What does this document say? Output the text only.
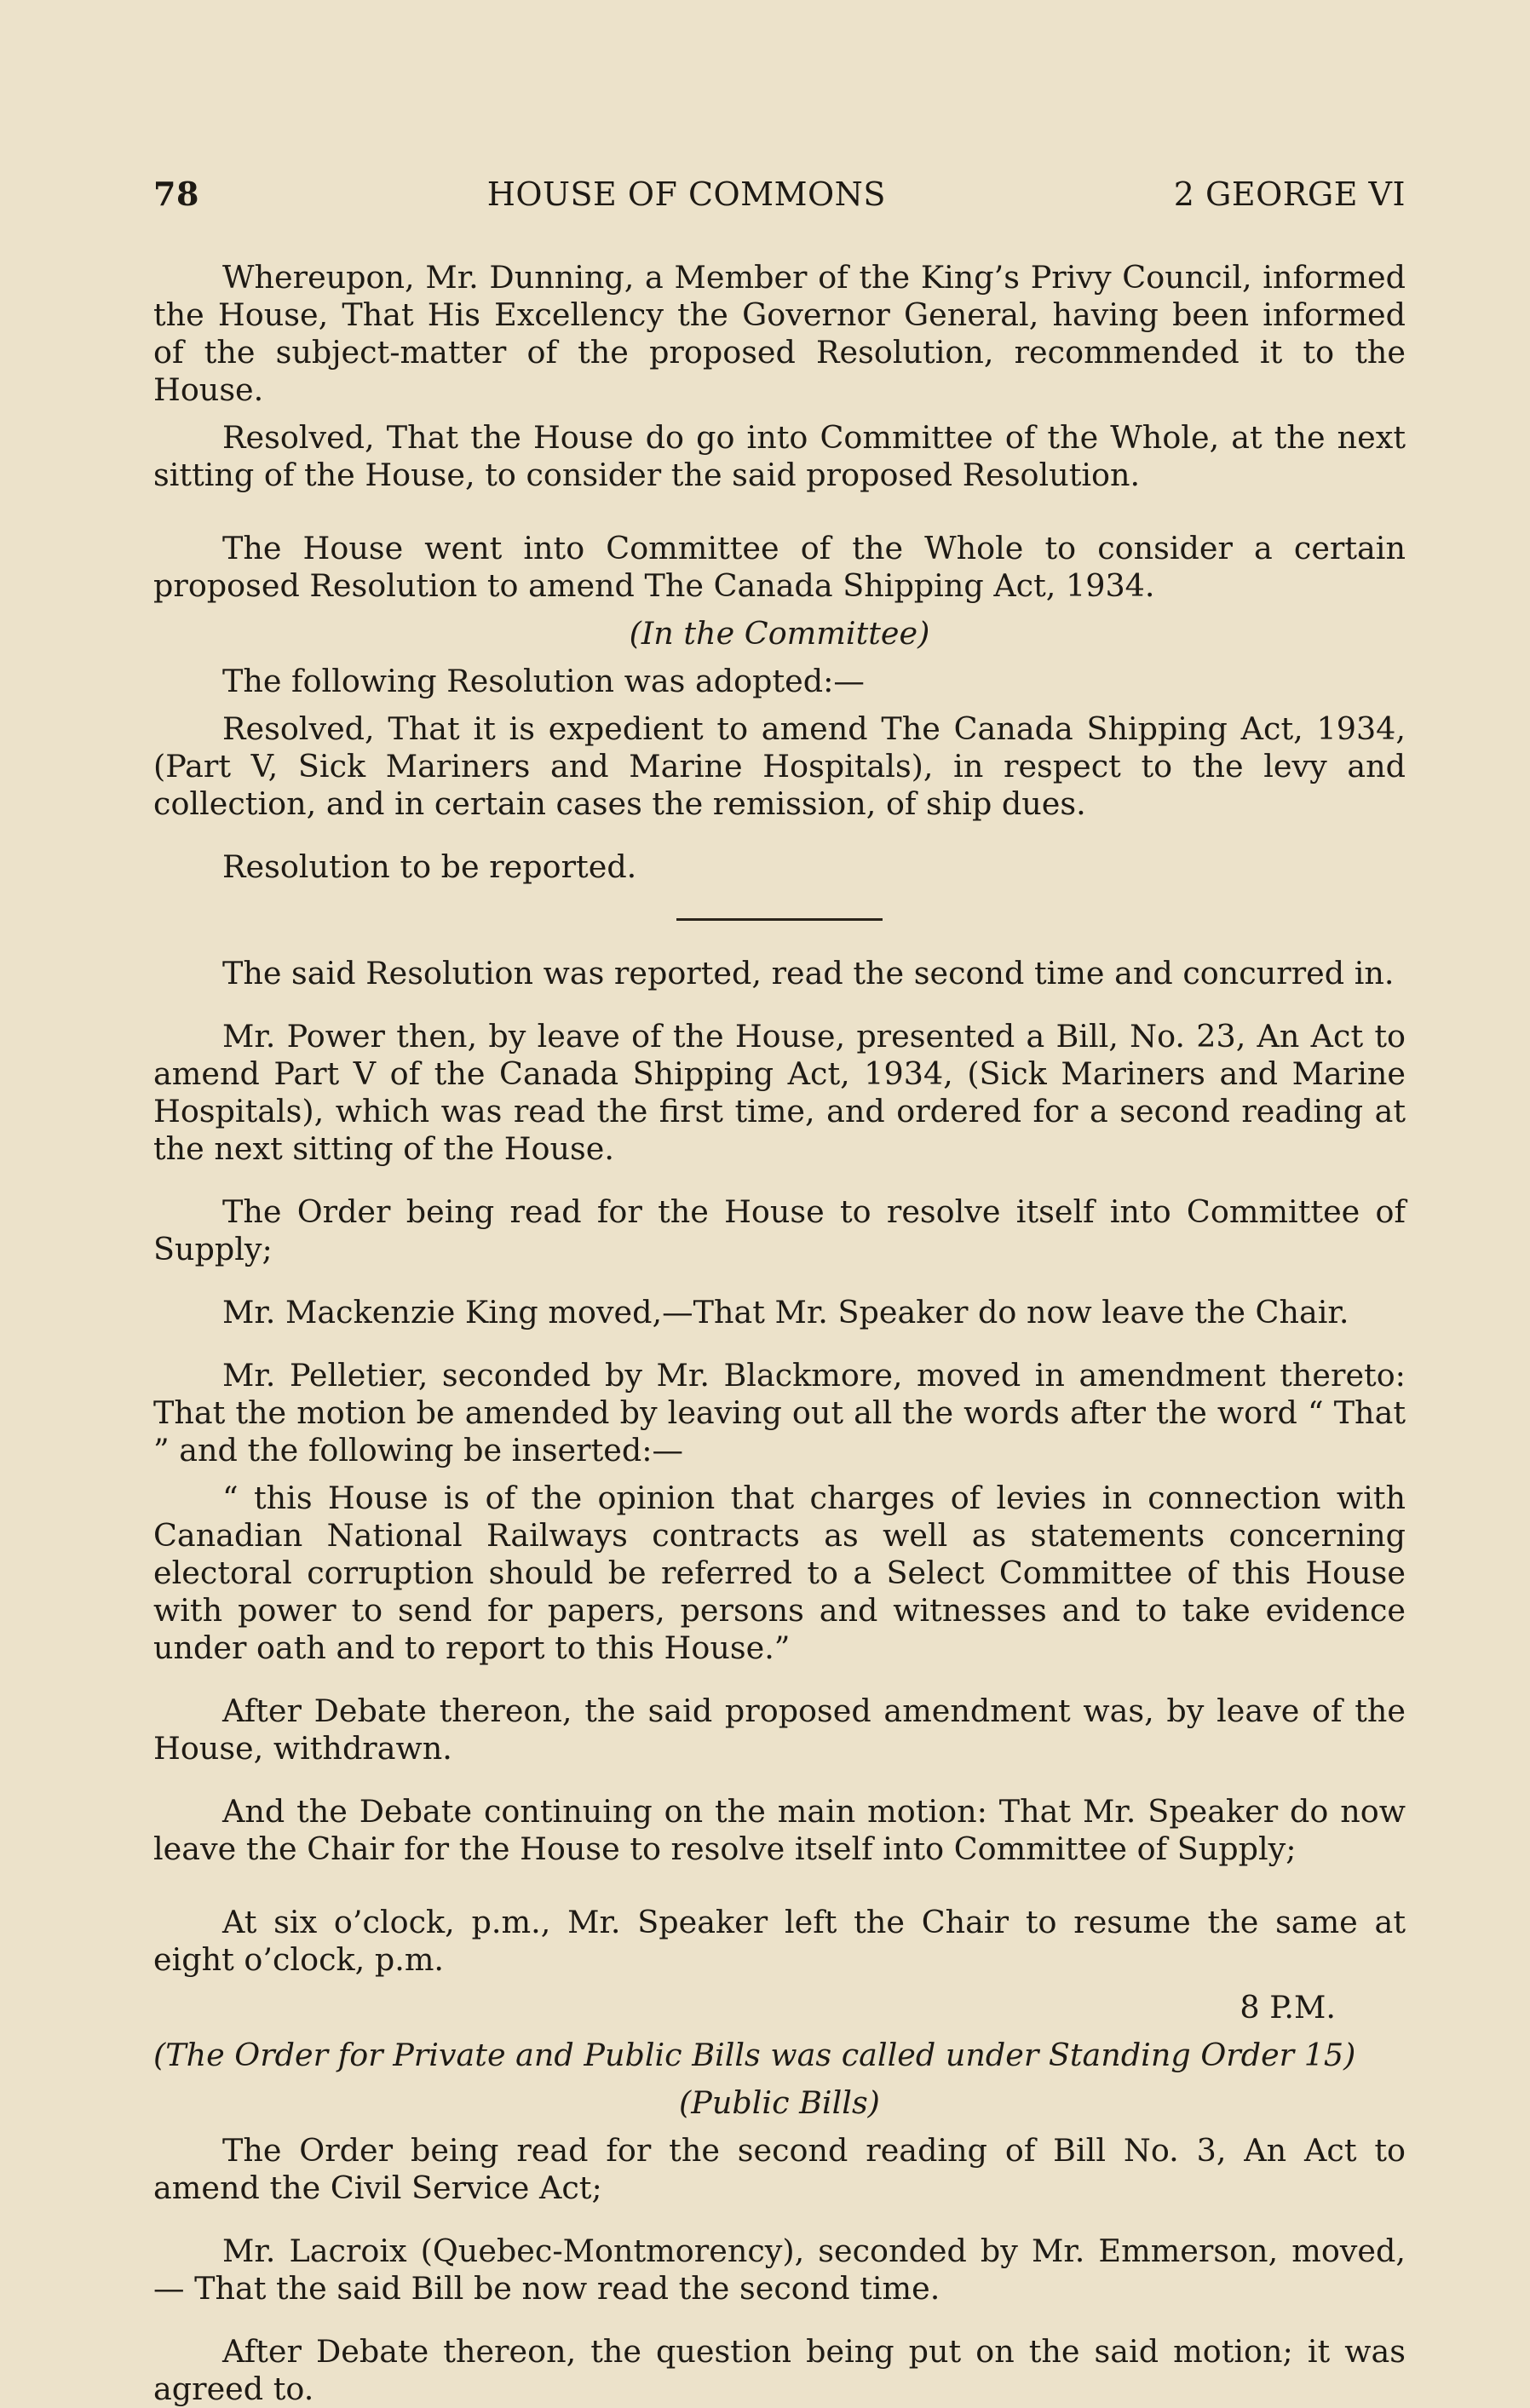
78	HOUSE OF COMMONS	2 GEORGE VI

Whereupon, Mr. Dunning, a Member of the King’s Privy Council, informed the House, That His Excellency the Governor General, having been informed of the subject-matter of the proposed Resolution, recommended it to the House.

Resolved, That the House do go into Committee of the Whole, at the next sitting of the House, to consider the said proposed Resolution.

The House went into Committee of the Whole to consider a certain proposed Resolution to amend The Canada Shipping Act, 1934.

(In the Committee)

The following Resolution was adopted:—

Resolved, That it is expedient to amend The Canada Shipping Act, 1934, (Part V, Sick Mariners and Marine Hospitals), in respect to the levy and collection, and in certain cases the remission, of ship dues.

Resolution to be reported.

The said Resolution was reported, read the second time and concurred in.

Mr. Power then, by leave of the House, presented a Bill, No. 23, An Act to amend Part V of the Canada Shipping Act, 1934, (Sick Mariners and Marine Hospitals), which was read the first time, and ordered for a second reading at the next sitting of the House.

The Order being read for the House to resolve itself into Committee of Supply;

Mr. Mackenzie King moved,—That Mr. Speaker do now leave the Chair.

Mr. Pelletier, seconded by Mr. Blackmore, moved in amendment thereto: That the motion be amended by leaving out all the words after the word “ That ” and the following be inserted:—

“ this House is of the opinion that charges of levies in connection with Canadian National Railways contracts as well as statements concerning electoral corruption should be referred to a Select Committee of this House with power to send for papers, persons and witnesses and to take evidence under oath and to report to this House.”

After Debate thereon, the said proposed amendment was, by leave of the House, withdrawn.

And the Debate continuing on the main motion: That Mr. Speaker do now leave the Chair for the House to resolve itself into Committee of Supply;

At six o’clock, p.m., Mr. Speaker left the Chair to resume the same at eight o’clock, p.m.

8 P.M.

(The Order for Private and Public Bills was called under Standing Order 15)

(Public Bills)

The Order being read for the second reading of Bill No. 3, An Act to amend the Civil Service Act;

Mr. Lacroix (Quebec-Montmorency), seconded by Mr. Emmerson, moved,— That the said Bill be now read the second time.

After Debate thereon, the question being put on the said motion; it was agreed to.
